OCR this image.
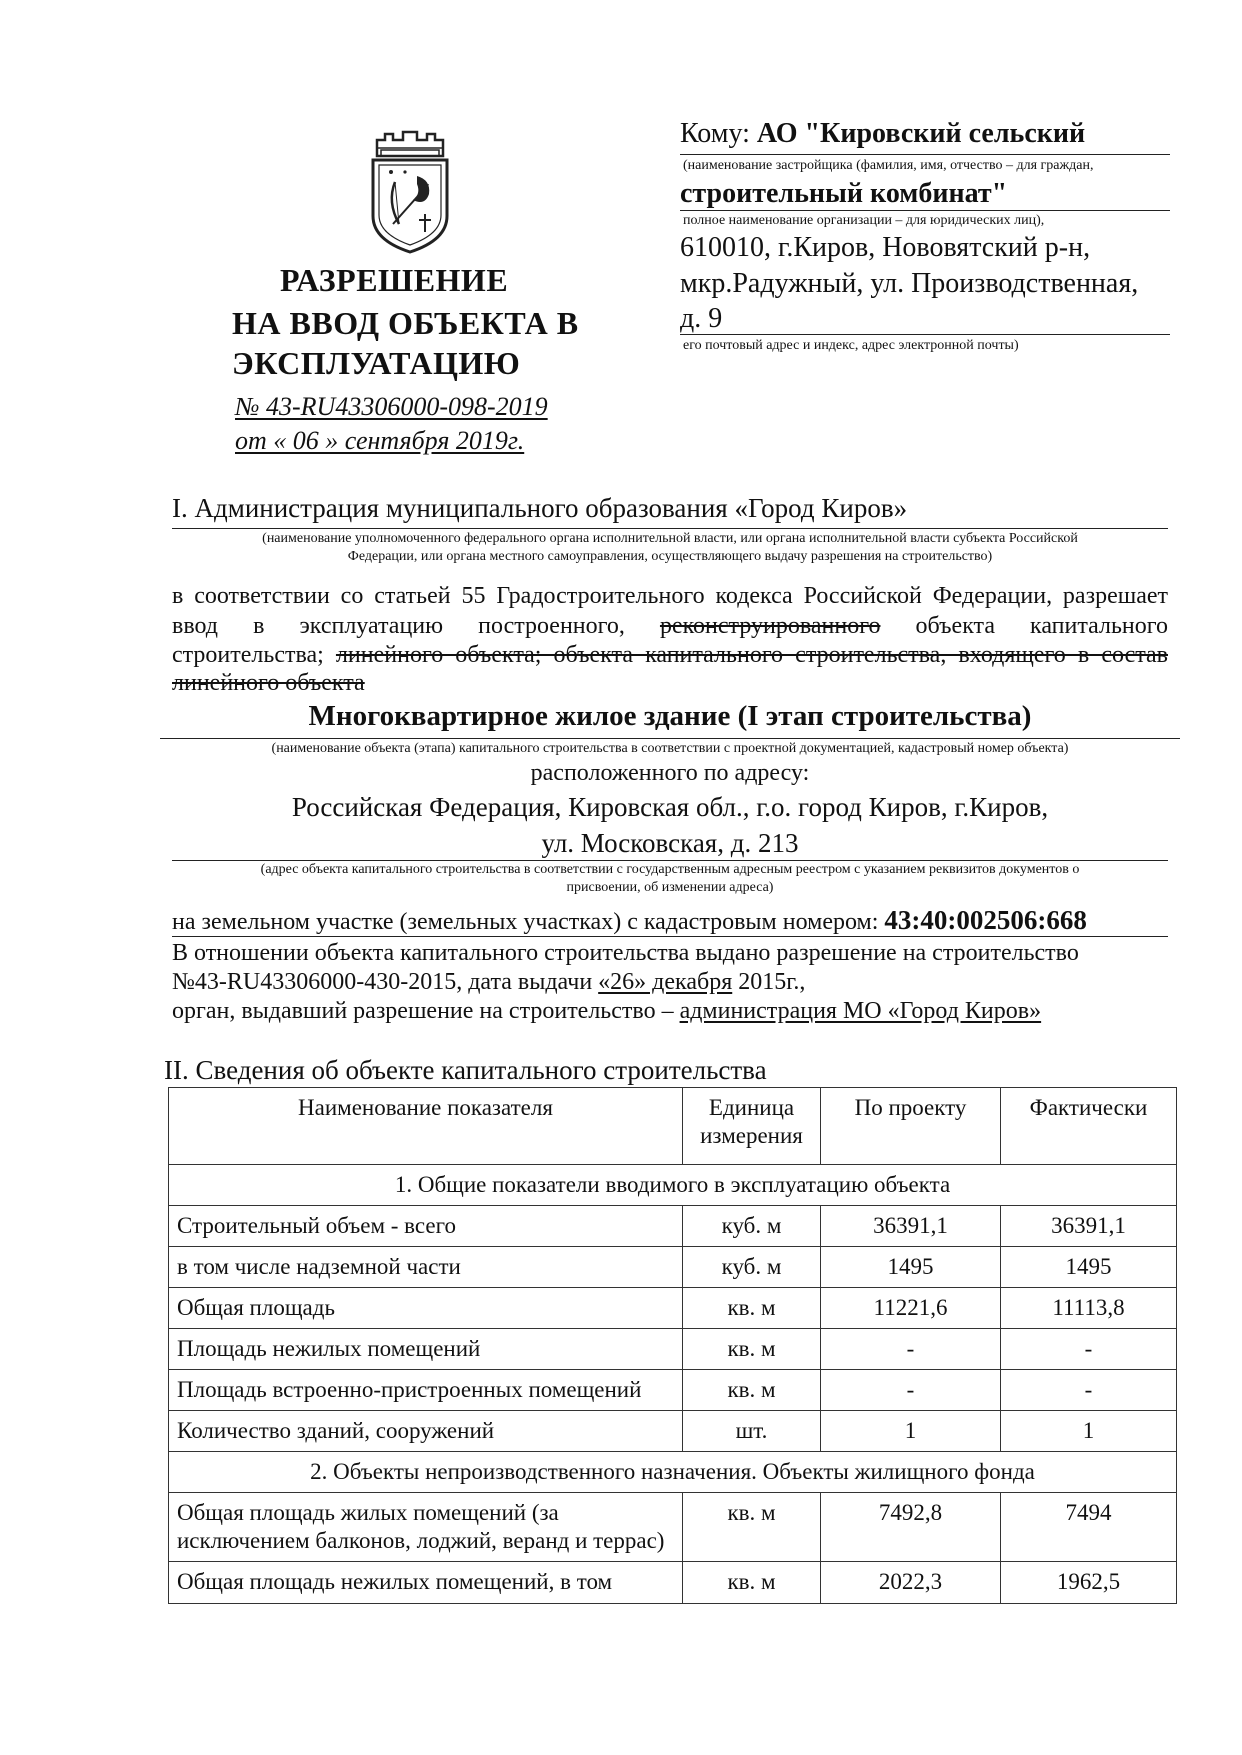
РАЗРЕШЕНИЕ
НА ВВОД ОБЪЕКТА В
ЭКСПЛУАТАЦИЮ
№ 43-RU43306000-098-2019
от « 06 » сентября 2019г.
Кому: АО "Кировский сельский
(наименование застройщика (фамилия, имя, отчество – для граждан,
строительный комбинат"
полное наименование организации – для юридических лиц),
610010, г.Киров, Нововятский р-н,
мкр.Радужный, ул. Производственная,
д. 9
его почтовый адрес и индекс, адрес электронной почты)
I. Администрация муниципального образования «Город Киров»
(наименование уполномоченного федерального органа исполнительной власти, или органа исполнительной власти субъекта Российской
Федерации, или органа местного самоуправления, осуществляющего выдачу разрешения на строительство)
в соответствии со статьей 55 Градостроительного кодекса Российской Федерации, разрешает
ввод в эксплуатацию построенного, реконструированного объекта капитального
строительства; линейного объекта; объекта капитального строительства, входящего в состав
линейного объекта
Многоквартирное жилое здание (I этап строительства)
(наименование объекта (этапа) капитального строительства в соответствии с проектной документацией, кадастровый номер объекта)
расположенного по адресу:
Российская Федерация, Кировская обл., г.о. город Киров, г.Киров,
ул. Московская, д. 213
(адрес объекта капитального строительства в соответствии с государственным адресным реестром с указанием реквизитов документов о
присвоении, об изменении адреса)
на земельном участке (земельных участках) с кадастровым номером: 43:40:002506:668
В отношении объекта капитального строительства выдано разрешение на строительство
№43-RU43306000-430-2015, дата выдачи «26» декабря 2015г.,
орган, выдавший разрешение на строительство – администрация МО «Город Киров»
II. Сведения об объекте капитального строительства
Наименование показателя	Единица измерения	По проекту	Фактически
1. Общие показатели вводимого в эксплуатацию объекта			
Строительный объем - всего	куб. м	36391,1	36391,1
в том числе надземной части	куб. м	1495	1495
Общая площадь	кв. м	11221,6	11113,8
Площадь нежилых помещений	кв. м	-	-
Площадь встроенно-пристроенных помещений	кв. м	-	-
Количество зданий, сооружений	шт.	1	1
2. Объекты непроизводственного назначения. Объекты жилищного фонда			
Общая площадь жилых помещений (за исключением балконов, лоджий, веранд и террас)	кв. м	7492,8	7494
Общая площадь нежилых помещений, в том	кв. м	2022,3	1962,5
